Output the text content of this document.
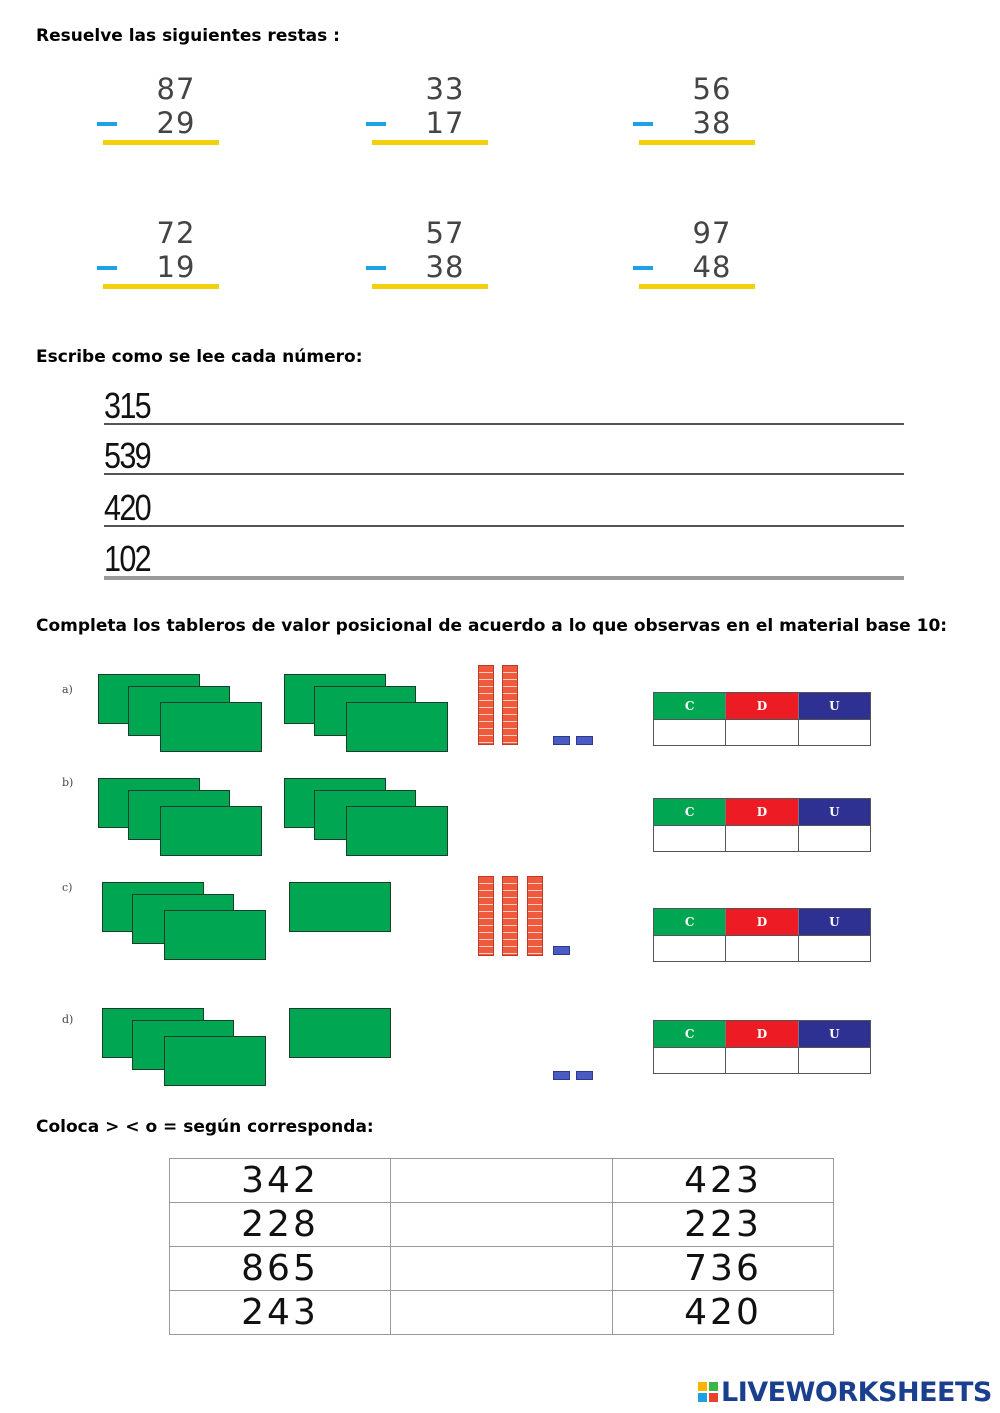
Resuelve las siguientes restas :
87
29
33
17
56
38
72
19
57
38
97
48
Escribe como se lee cada número:
315
539
420
102
Completa los tableros de valor posicional de acuerdo a lo que observas en el material base 10:
a)
C	D	U
b)
C	D	U
c)
C	D	U
d)
C	D	U
Coloca > < o = según corresponda:
342		423
228		223
865		736
243		420
LIVEWORKSHEETS
